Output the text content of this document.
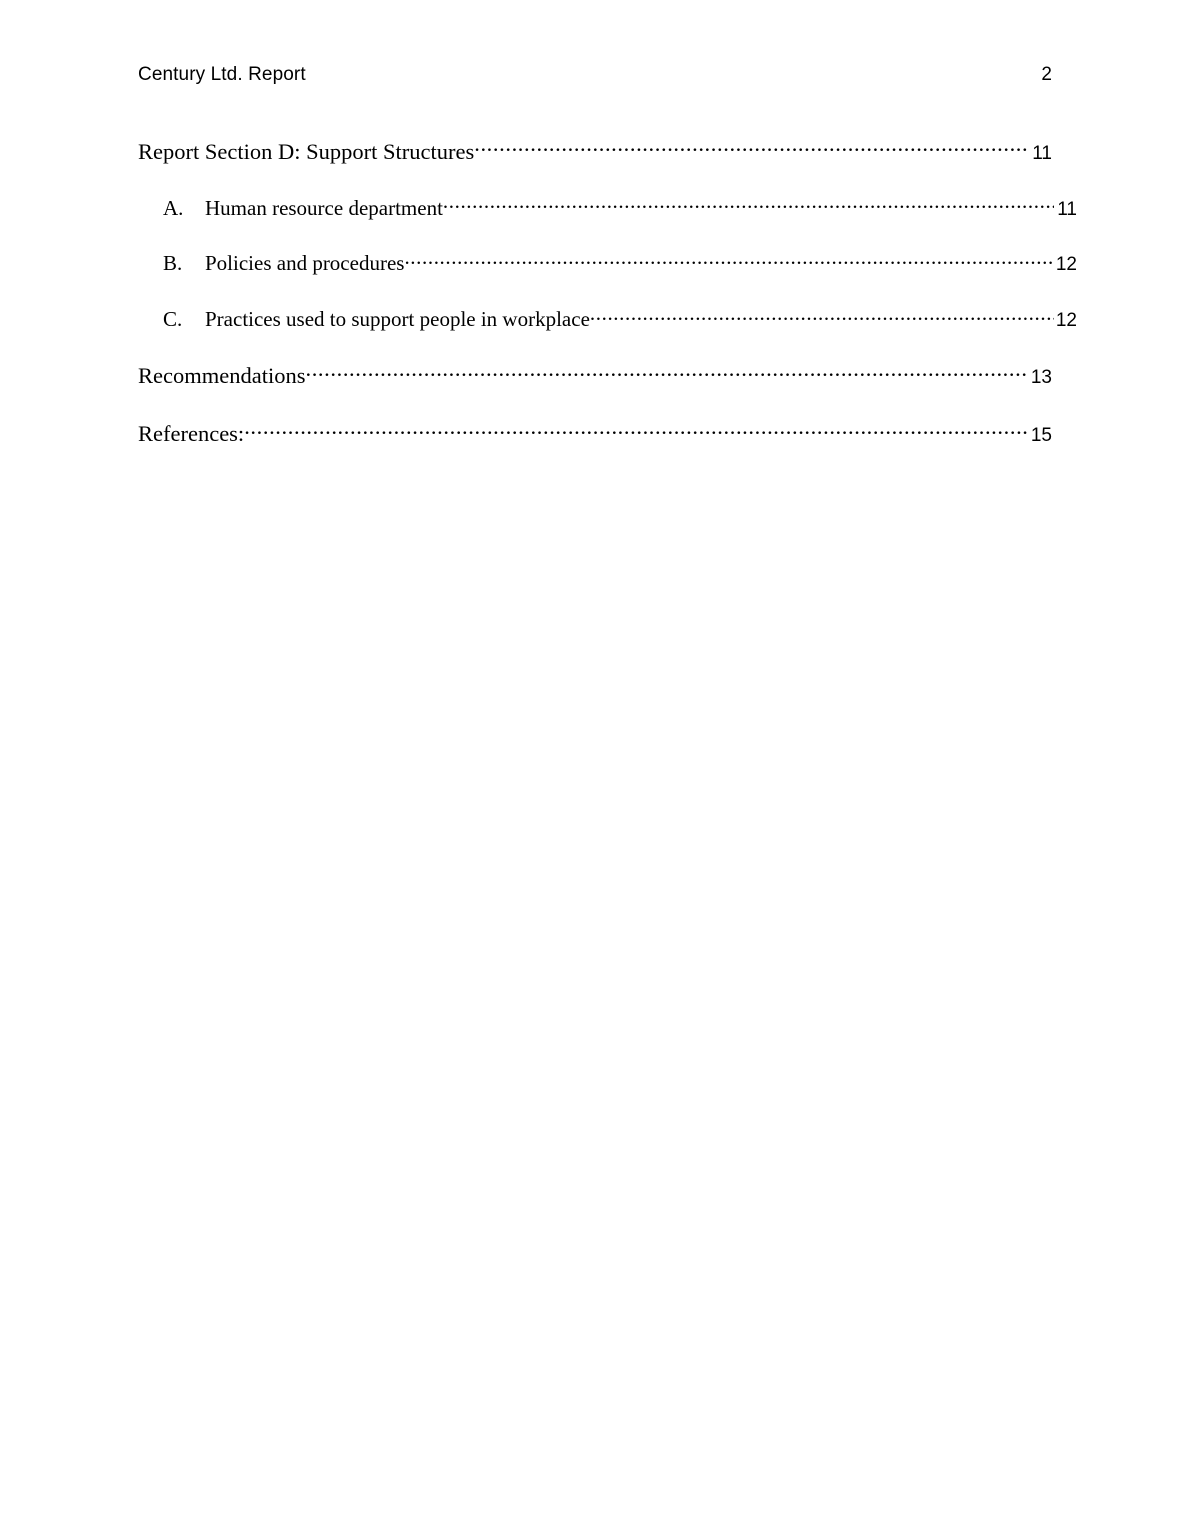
Century Ltd. Report	2
Report Section D: Support Structures .....	11
A.	Human resource department .....	11
B.	Policies and procedures .....	12
C.	Practices used to support people in workplace .....	12
Recommendations .....	13
References: .....	15
